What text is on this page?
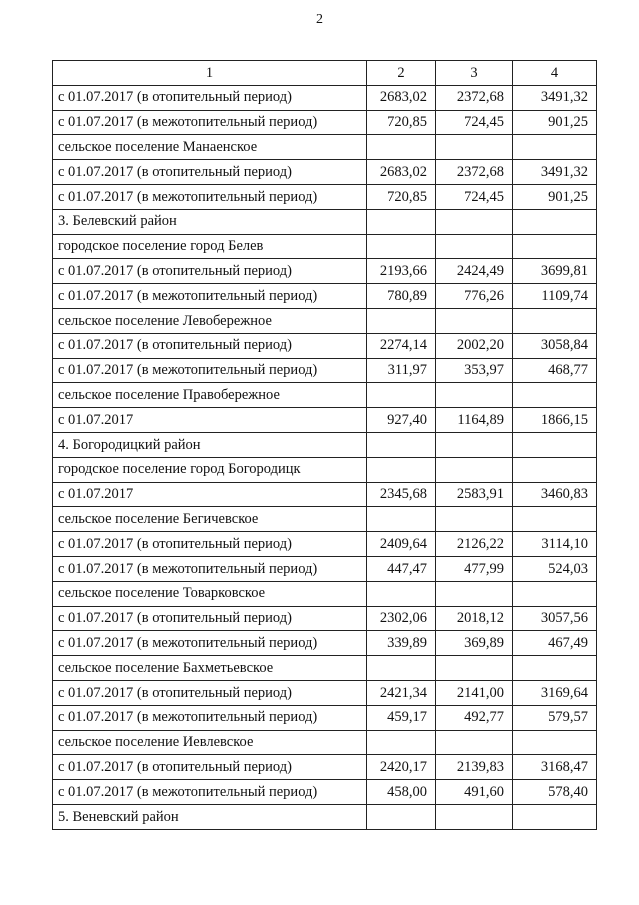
2
1	2	3	4
с 01.07.2017 (в отопительный период)	2683,02	2372,68	3491,32
с 01.07.2017 (в межотопительный период)	720,85	724,45	901,25
сельское поселение Манаенское			
с 01.07.2017 (в отопительный период)	2683,02	2372,68	3491,32
с 01.07.2017 (в межотопительный период)	720,85	724,45	901,25
3. Белевский район			
городское поселение город Белев			
с 01.07.2017 (в отопительный период)	2193,66	2424,49	3699,81
с 01.07.2017 (в межотопительный период)	780,89	776,26	1109,74
сельское поселение Левобережное			
с 01.07.2017 (в отопительный период)	2274,14	2002,20	3058,84
с 01.07.2017 (в межотопительный период)	311,97	353,97	468,77
сельское поселение Правобережное			
с 01.07.2017	927,40	1164,89	1866,15
4. Богородицкий район			
городское поселение город Богородицк			
с 01.07.2017	2345,68	2583,91	3460,83
сельское поселение Бегичевское			
с 01.07.2017 (в отопительный период)	2409,64	2126,22	3114,10
с 01.07.2017 (в межотопительный период)	447,47	477,99	524,03
сельское поселение Товарковское			
с 01.07.2017 (в отопительный период)	2302,06	2018,12	3057,56
с 01.07.2017 (в межотопительный период)	339,89	369,89	467,49
сельское поселение Бахметьевское			
с 01.07.2017 (в отопительный период)	2421,34	2141,00	3169,64
с 01.07.2017 (в межотопительный период)	459,17	492,77	579,57
сельское поселение Иевлевское			
с 01.07.2017 (в отопительный период)	2420,17	2139,83	3168,47
с 01.07.2017 (в межотопительный период)	458,00	491,60	578,40
5. Веневский район			
